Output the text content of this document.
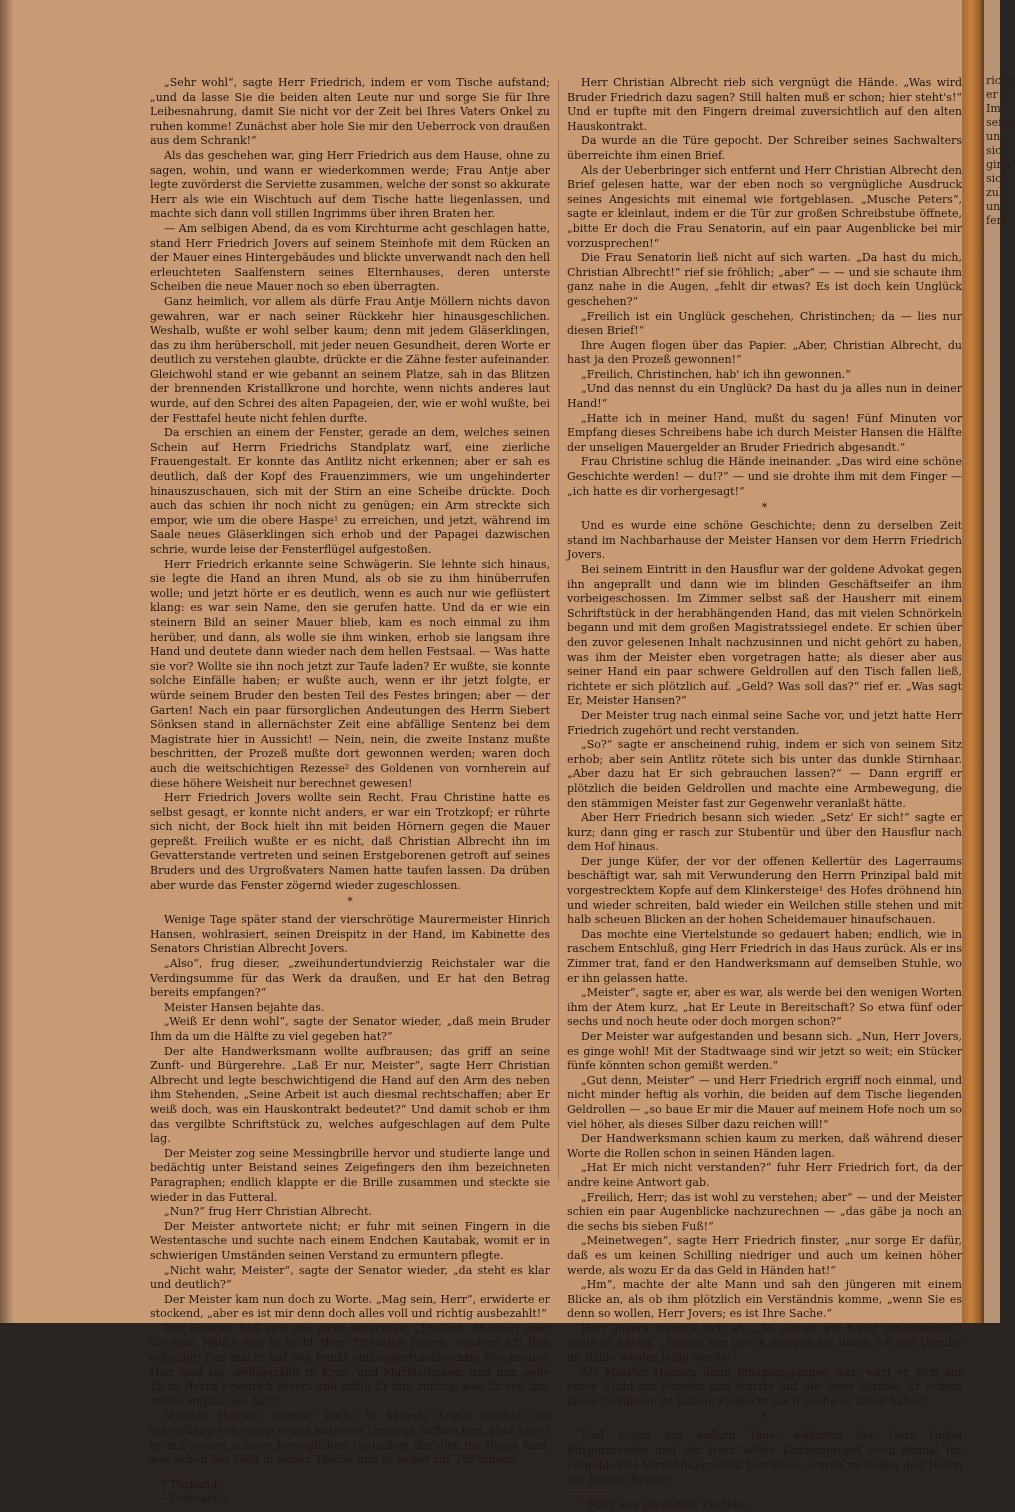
„Sehr wohl“, sagte Herr Friedrich, indem er vom Tische aufstand; „und da lasse Sie die beiden alten Leute nur und sorge Sie für Ihre Leibesnahrung, damit Sie nicht vor der Zeit bei Ihres Vaters Onkel zu ruhen komme! Zunächst aber hole Sie mir den Ueberrock von draußen aus dem Schrank!“

Als das geschehen war, ging Herr Friedrich aus dem Hause, ohne zu sagen, wohin, und wann er wiederkommen werde; Frau Antje aber legte zuvörderst die Serviette zusammen, welche der sonst so akkurate Herr als wie ein Wischtuch auf dem Tische hatte liegenlassen, und machte sich dann voll stillen Ingrimms über ihren Braten her.

— Am selbigen Abend, da es vom Kirchturme acht geschlagen hatte, stand Herr Friedrich Jovers auf seinem Steinhofe mit dem Rücken an der Mauer eines Hintergebäudes und blickte unverwandt nach den hell erleuchteten Saalfenstern seines Elternhauses, deren unterste Scheiben die neue Mauer noch so eben überragten.

Ganz heimlich, vor allem als dürfe Frau Antje Möllern nichts davon gewahren, war er nach seiner Rückkehr hier hinausgeschlichen. Weshalb, wußte er wohl selber kaum; denn mit jedem Gläserklingen, das zu ihm herüberscholl, mit jeder neuen Gesundheit, deren Worte er deutlich zu verstehen glaubte, drückte er die Zähne fester aufeinander. Gleichwohl stand er wie gebannt an seinem Platze, sah in das Blitzen der brennenden Kristallkrone und horchte, wenn nichts anderes laut wurde, auf den Schrei des alten Papageien, der, wie er wohl wußte, bei der Festtafel heute nicht fehlen durfte.

Da erschien an einem der Fenster, gerade an dem, welches seinen Schein auf Herrn Friedrichs Standplatz warf, eine zierliche Frauengestalt. Er konnte das Antlitz nicht erkennen; aber er sah es deutlich, daß der Kopf des Frauenzimmers, wie um ungehinderter hinauszuschauen, sich mit der Stirn an eine Scheibe drückte. Doch auch das schien ihr noch nicht zu genügen; ein Arm streckte sich empor, wie um die obere Haspe¹ zu erreichen, und jetzt, während im Saale neues Gläserklingen sich erhob und der Papagei dazwischen schrie, wurde leise der Fensterflügel aufgestoßen.

Herr Friedrich erkannte seine Schwägerin. Sie lehnte sich hinaus, sie legte die Hand an ihren Mund, als ob sie zu ihm hinüberrufen wolle; und jetzt hörte er es deutlich, wenn es auch nur wie geflüstert klang: es war sein Name, den sie gerufen hatte. Und da er wie ein steinern Bild an seiner Mauer blieb, kam es noch einmal zu ihm herüber, und dann, als wolle sie ihm winken, erhob sie langsam ihre Hand und deutete dann wieder nach dem hellen Festsaal. — Was hatte sie vor? Wollte sie ihn noch jetzt zur Taufe laden? Er wußte, sie konnte solche Einfälle haben; er wußte auch, wenn er ihr jetzt folgte, er würde seinem Bruder den besten Teil des Festes bringen; aber — der Garten! Nach ein paar fürsorglichen Andeutungen des Herrn Siebert Sönksen stand in allernächster Zeit eine abfällige Sentenz bei dem Magistrate hier in Aussicht! — Nein, nein, die zweite Instanz mußte beschritten, der Prozeß mußte dort gewonnen werden; waren doch auch die weitschichtigen Rezesse² des Goldenen von vornherein auf diese höhere Weisheit nur berechnet gewesen!

Herr Friedrich Jovers wollte sein Recht. Frau Christine hatte es selbst gesagt, er konnte nicht anders, er war ein Trotzkopf; er rührte sich nicht, der Bock hielt ihn mit beiden Hörnern gegen die Mauer gepreßt. Freilich wußte er es nicht, daß Christian Albrecht ihn im Gevatterstande vertreten und seinen Erstgeborenen getroft auf seines Bruders und des Urgroßvaters Namen hatte taufen lassen. Da drüben aber wurde das Fenster zögernd wieder zugeschlossen.

*

Wenige Tage später stand der vierschrötige Maurermeister Hinrich Hansen, wohlrasiert, seinen Dreispitz in der Hand, im Kabinette des Senators Christian Albrecht Jovers.

„Also“, frug dieser, „zweihundertundvierzig Reichstaler war die Verdingsumme für das Werk da draußen, und Er hat den Betrag bereits empfangen?“

Meister Hansen bejahte das.

„Weiß Er denn wohl“, sagte der Senator wieder, „daß mein Bruder Ihm da um die Hälfte zu viel gegeben hat?“

Der alte Handwerksmann wollte aufbrausen; das griff an seine Zunft- und Bürgerehre. „Laß Er nur, Meister“, sagte Herr Christian Albrecht und legte beschwichtigend die Hand auf den Arm des neben ihm Stehenden, „Seine Arbeit ist auch diesmal rechtschaffen; aber Er weiß doch, was ein Hauskontrakt bedeutet?“ Und damit schob er ihm das vergilbte Schriftstück zu, welches aufgeschlagen auf dem Pulte lag.

Der Meister zog seine Messingbrille hervor und studierte lange und bedächtig unter Beistand seines Zeigefingers den ihm bezeichneten Paragraphen; endlich klappte er die Brille zusammen und steckte sie wieder in das Futteral.

„Nun?“ frug Herr Christian Albrecht.

Der Meister antwortete nicht; er fuhr mit seinen Fingern in die Westentasche und suchte nach einem Endchen Kautabak, womit er in schwierigen Umständen seinen Verstand zu ermuntern pflegte.

„Nicht wahr, Meister“, sagte der Senator wieder, „da steht es klar und deutlich?“

Der Meister kam nun doch zu Worte. „Mag sein, Herr“, erwiderte er stockend, „aber es ist mir denn doch alles voll und richtig ausbezahlt!“

Der Senator ließ sich das nicht anfechten. „Freilich, Meister; aber die eine Hälfte war ja nicht Herr Friedrich Jovers, sondern ich Ihm schuldig! Das macht auf den Punkt einhundertundzwanzig Reichstaler. Hier sind sie, wohlgezählt in Kron- und Marktstücken; und nun gehe Er zu Herrn Friedrich Jovers und zahle Er ihm zurück, was Er von ihm zuviel empfangen hat!“

Meister Hansen zögerte noch; in seinem Kopfe mochte die Vorstellung von einem etwas kuriosen Umwege auftauchen, aber bevor er mit seinen schwer beweglichen Gedanken darüber ins Reine kam, war schon das Geld in seiner Tasche und er selbst zur Tür hinaus.

¹ Türband.

² Protokolle.

Herr Christian Albrecht rieb sich vergnügt die Hände. „Was wird Bruder Friedrich dazu sagen? Still halten muß er schon; hier steht's!“ Und er tupfte mit den Fingern dreimal zuversichtlich auf den alten Hauskontrakt.

Da wurde an die Türe gepocht. Der Schreiber seines Sachwalters überreichte ihm einen Brief.

Als der Ueberbringer sich entfernt und Herr Christian Albrecht den Brief gelesen hatte, war der eben noch so vergnügliche Ausdruck seines Angesichts mit einemal wie fortgeblasen. „Musche Peters“, sagte er kleinlaut, indem er die Tür zur großen Schreibstube öffnete, „bitte Er doch die Frau Senatorin, auf ein paar Augenblicke bei mir vorzusprechen!“

Die Frau Senatorin ließ nicht auf sich warten. „Da hast du mich, Christian Albrecht!“ rief sie fröhlich; „aber“ — — und sie schaute ihm ganz nahe in die Augen, „fehlt dir etwas? Es ist doch kein Unglück geschehen?“

„Freilich ist ein Unglück geschehen, Christinchen; da — lies nur diesen Brief!“

Ihre Augen flogen über das Papier. „Aber, Christian Albrecht, du hast ja den Prozeß gewonnen!“

„Freilich, Christinchen, hab' ich ihn gewonnen.“

„Und das nennst du ein Unglück? Da hast du ja alles nun in deiner Hand!“

„Hatte ich in meiner Hand, mußt du sagen! Fünf Minuten vor Empfang dieses Schreibens habe ich durch Meister Hansen die Hälfte der unseligen Mauergelder an Bruder Friedrich abgesandt.“

Frau Christine schlug die Hände ineinander. „Das wird eine schöne Geschichte werden! — du!?“ — und sie drohte ihm mit dem Finger — „ich hatte es dir vorhergesagt!“

*

Und es wurde eine schöne Geschichte; denn zu derselben Zeit stand im Nachbarhause der Meister Hansen vor dem Herrn Friedrich Jovers.

Bei seinem Eintritt in den Hausflur war der goldene Advokat gegen ihn angeprallt und dann wie im blinden Geschäftseifer an ihm vorbeigeschossen. Im Zimmer selbst saß der Hausherr mit einem Schriftstück in der herabhängenden Hand, das mit vielen Schnörkeln begann und mit dem großen Magistratssiegel endete. Er schien über den zuvor gelesenen Inhalt nachzusinnen und nicht gehört zu haben, was ihm der Meister eben vorgetragen hatte; als dieser aber aus seiner Hand ein paar schwere Geldrollen auf den Tisch fallen ließ, richtete er sich plötzlich auf. „Geld? Was soll das?“ rief er. „Was sagt Er, Meister Hansen?“

Der Meister trug nach einmal seine Sache vor, und jetzt hatte Herr Friedrich zugehört und recht verstanden.

„So?“ sagte er anscheinend ruhig, indem er sich von seinem Sitz erhob; aber sein Antlitz rötete sich bis unter das dunkle Stirnhaar. „Aber dazu hat Er sich gebrauchen lassen?“ — Dann ergriff er plötzlich die beiden Geldrollen und machte eine Armbewegung, die den stämmigen Meister fast zur Gegenwehr veranlaßt hätte.

Aber Herr Friedrich besann sich wieder. „Setz' Er sich!“ sagte er kurz; dann ging er rasch zur Stubentür und über den Hausflur nach dem Hof hinaus.

Der junge Küfer, der vor der offenen Kellertür des Lagerraums beschäftigt war, sah mit Verwunderung den Herrn Prinzipal bald mit vorgestrecktem Kopfe auf dem Klinkersteige¹ des Hofes dröhnend hin und wieder schreiten, bald wieder ein Weilchen stille stehen und mit halb scheuen Blicken an der hohen Scheidemauer hinaufschauen.

Das mochte eine Viertelstunde so gedauert haben; endlich, wie in raschem Entschluß, ging Herr Friedrich in das Haus zurück. Als er ins Zimmer trat, fand er den Handwerksmann auf demselben Stuhle, wo er ihn gelassen hatte.

„Meister“, sagte er, aber es war, als werde bei den wenigen Worten ihm der Atem kurz, „hat Er Leute in Bereitschaft? So etwa fünf oder sechs und noch heute oder doch morgen schon?“

Der Meister war aufgestanden und besann sich. „Nun, Herr Jovers, es ginge wohl! Mit der Stadtwaage sind wir jetzt so weit; ein Stücker fünfe könnten schon gemißt werden.“

„Gut denn, Meister“ — und Herr Friedrich ergriff noch einmal, und nicht minder heftig als vorhin, die beiden auf dem Tische liegenden Geldrollen — „so baue Er mir die Mauer auf meinem Hofe noch um so viel höher, als dieses Silber dazu reichen will!“

Der Handwerksmann schien kaum zu merken, daß während dieser Worte die Rollen schon in seinen Händen lagen.

„Hat Er mich nicht verstanden?“ fuhr Herr Friedrich fort, da der andre keine Antwort gab.

„Freilich, Herr; das ist wohl zu verstehen; aber“ — und der Meister schien ein paar Augenblicke nachzurechnen — „das gäbe ja noch an die sechs bis sieben Fuß!“

„Meinetwegen“, sagte Herr Friedrich finster, „nur sorge Er dafür, daß es um keinen Schilling niedriger und auch um keinen höher werde, als wozu Er da das Geld in Händen hat!“

„Hm“, machte der alte Mann und sah den jüngeren mit einem Blicke an, als ob ihm plötzlich ein Verständnis komme, „wenn Sie es denn so wollen, Herr Jovers; es ist Ihre Sache.“

Herr Jovers wandte sich ab. „So wären wir fertig miteinander!“ sagte er hastig. „Fanget nur gleich morgen an, damit ich der Unruhe im Bälde wieder ledig werde!“

Als Meister Hansen dann hinausgegangen war, warf er sich auf einen Stuhl am Fenster und starrte auf die leere Straße. Er schien keine Gedanken zu haben; vielleicht auch wollte er keine haben.

*

Und schon am andern Tage, während der Herr Onkel Bürgermeister und der Herr Vetter Kirchenpropst noch einmal ihr vergebliches Versöhnungswerk betrieben, wurde zwischen den Höfen der beiden Brüder

¹ Steig von glasierten Ziegeln.

richt
er a
Im
seine
und
sich
ging
sich
zubl
und
fert
